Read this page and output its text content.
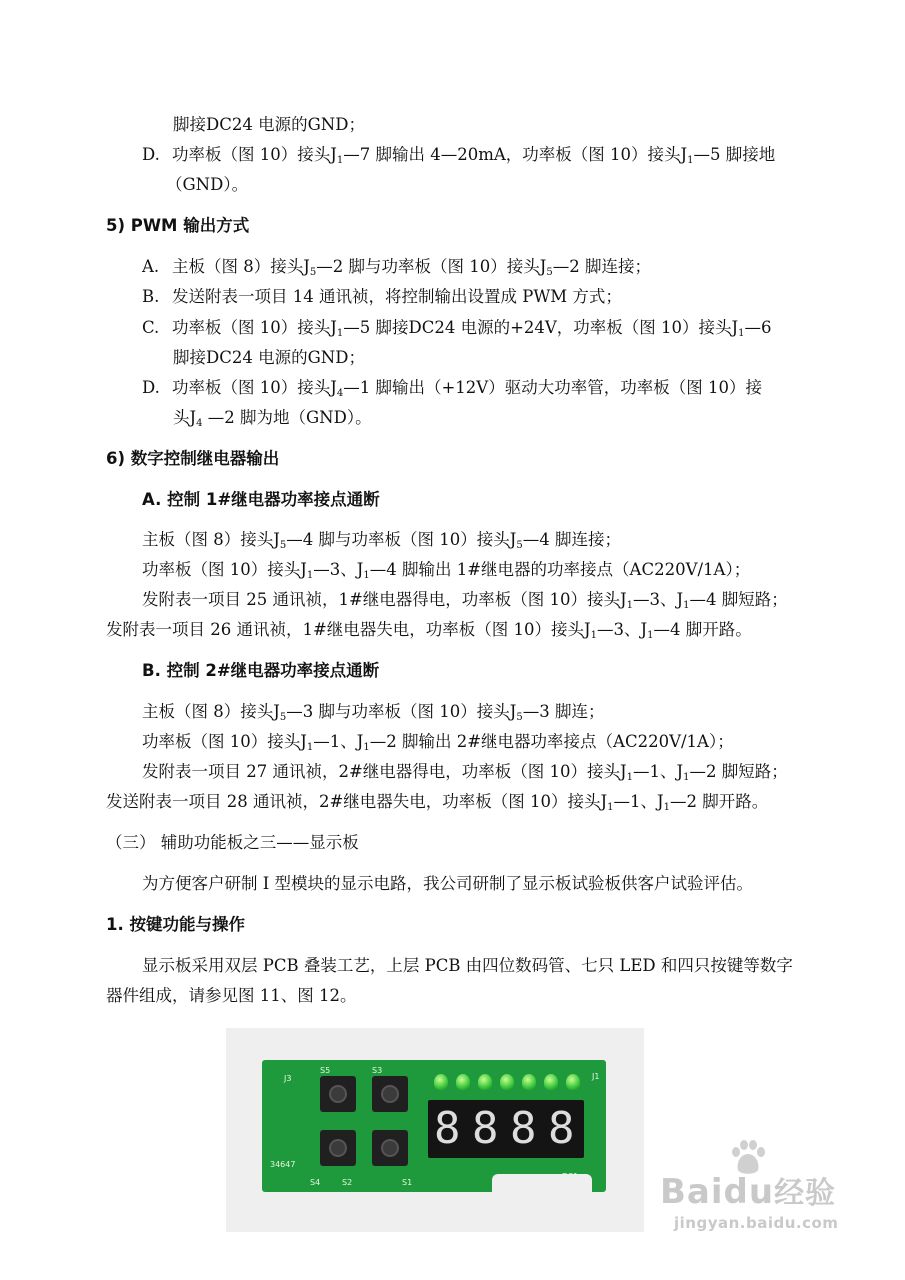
脚接DC24 电源的GND；
D. 功率板（图 10）接头$J_1—7$ 脚输出 4—20mA，功率板（图 10）接头$J_1—5$ 脚接地
（GND）。
5) PWM 输出方式
A. 主板（图 8）接头$J_5—2$ 脚与功率板（图 10）接头$J_5—2$ 脚连接；
B. 发送附表一项目 14 通讯祯，将控制输出设置成 PWM 方式；
C. 功率板（图 10）接头$J_1—5$ 脚接DC24 电源的+24V，功率板（图 10）接头$J_1—6$
脚接DC24 电源的GND；
D. 功率板（图 10）接头$J_4—1$ 脚输出（+12V）驱动大功率管，功率板（图 10）接
头$J_4$ —2 脚为地（GND）。
6) 数字控制继电器输出
A. 控制 1#继电器功率接点通断
主板（图 8）接头$J_5—4$ 脚与功率板（图 10）接头$J_5—4$ 脚连接；
功率板（图 10）接头$J_1—3$、$J_1—4$ 脚输出 1#继电器的功率接点（AC220V/1A）；
发附表一项目 25 通讯祯，1#继电器得电，功率板（图 10）接头$J_1—3$、$J_1—4$ 脚短路；
发附表一项目 26 通讯祯，1#继电器失电，功率板（图 10）接头$J_1—3$、$J_1—4$ 脚开路。
B. 控制 2#继电器功率接点通断
主板（图 8）接头$J_5—3$ 脚与功率板（图 10）接头$J_5—3$ 脚连；
功率板（图 10）接头$J_1—1$、$J_1—2$ 脚输出 2#继电器功率接点（AC220V/1A）；
发附表一项目 27 通讯祯，2#继电器得电，功率板（图 10）接头$J_1—1$、$J_1—2$ 脚短路；
发送附表一项目 28 通讯祯，2#继电器失电，功率板（图 10）接头$J_1—1$、$J_1—2$ 脚开路。
（三） 辅助功能板之三——显示板
为方便客户研制 I 型模块的显示电路，我公司研制了显示板试验板供客户试验评估。
1. 按键功能与操作
显示板采用双层 PCB 叠装工艺，上层 PCB 由四位数码管、七只 LED 和四只按键等数字
器件组成，请参见图 11、图 12。
J3
S5	S3
34647
S4	S2	S1
J1
DS1
8 8 8 8
Baidu经验
jingyan.baidu.com
